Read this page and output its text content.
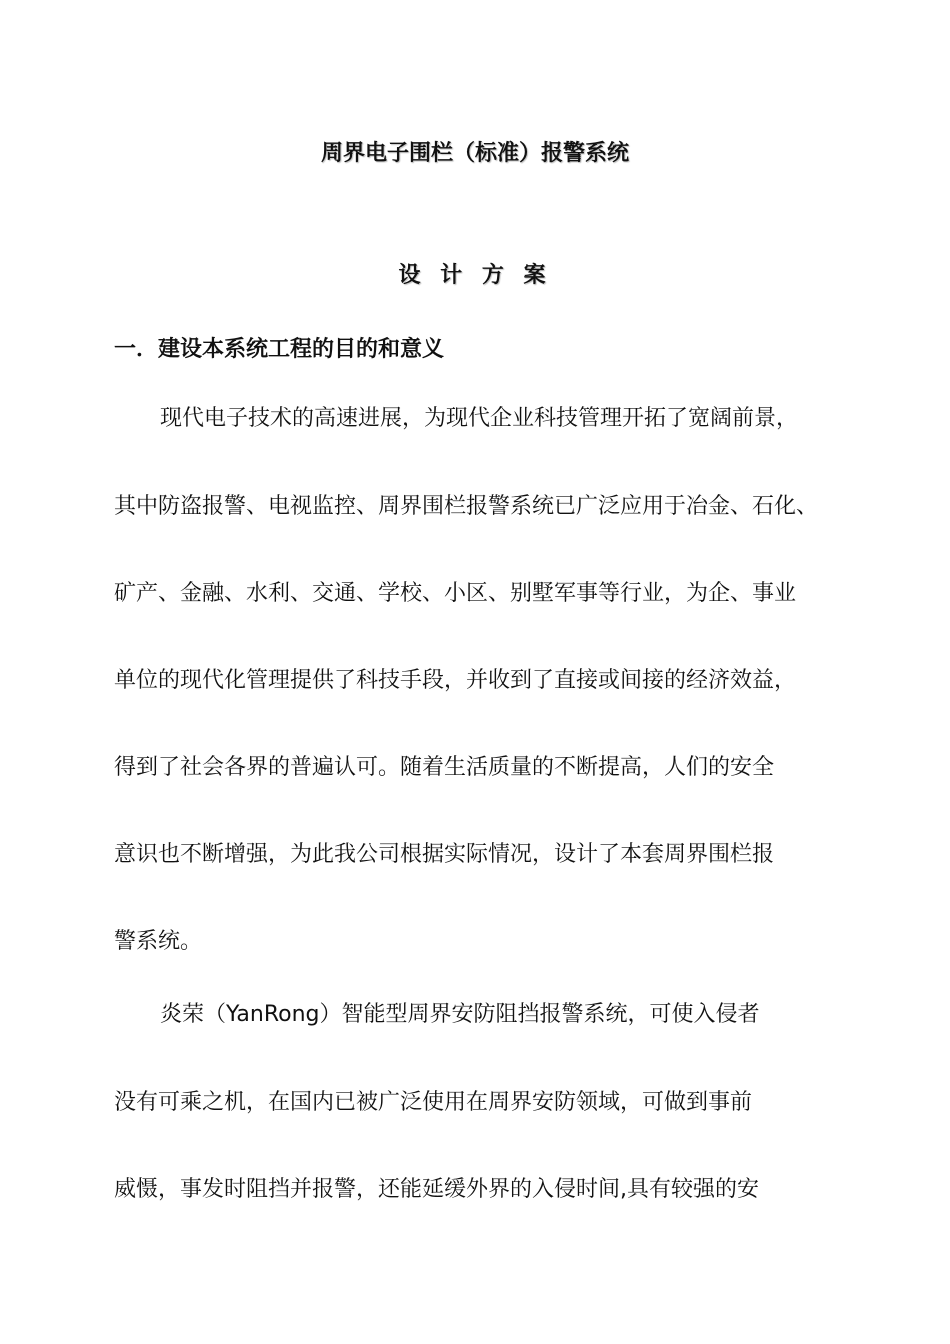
周界电子围栏（标准）报警系统
设 计 方 案
一．建设本系统工程的目的和意义
现代电子技术的高速进展，为现代企业科技管理开拓了宽阔前景，
其中防盗报警、电视监控、周界围栏报警系统已广泛应用于冶金、石化、
矿产、金融、水利、交通、学校、小区、别墅军事等行业，为企、事业
单位的现代化管理提供了科技手段，并收到了直接或间接的经济效益，
得到了社会各界的普遍认可。随着生活质量的不断提高，人们的安全
意识也不断增强，为此我公司根据实际情况，设计了本套周界围栏报
警系统。
炎荣（YanRong）智能型周界安防阻挡报警系统，可使入侵者
没有可乘之机，在国内已被广泛使用在周界安防领域，可做到事前
威慑，事发时阻挡并报警，还能延缓外界的入侵时间,具有较强的安
